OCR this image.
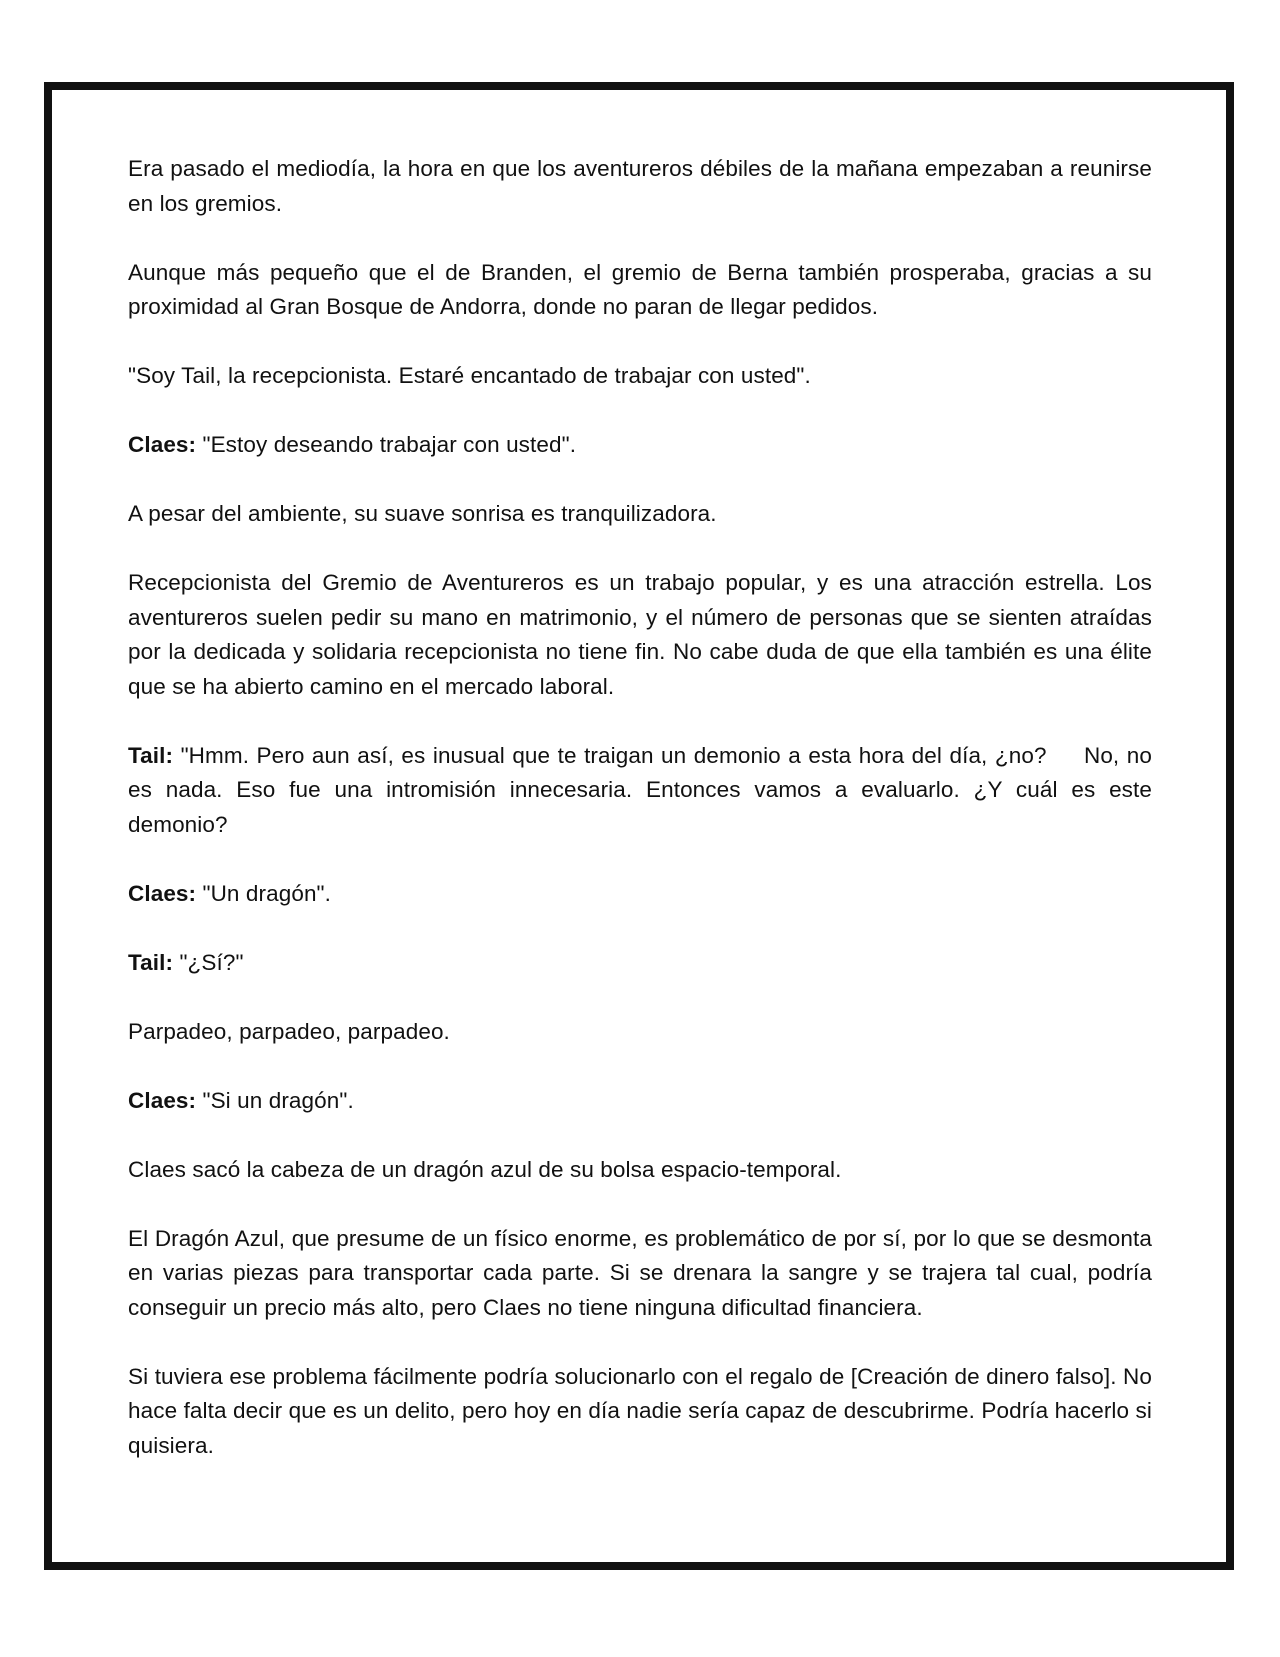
Era pasado el mediodía, la hora en que los aventureros débiles de la mañana empezaban a reunirse en los gremios.

Aunque más pequeño que el de Branden, el gremio de Berna también prosperaba, gracias a su proximidad al Gran Bosque de Andorra, donde no paran de llegar pedidos.

"Soy Tail, la recepcionista. Estaré encantado de trabajar con usted".

Claes: "Estoy deseando trabajar con usted".

A pesar del ambiente, su suave sonrisa es tranquilizadora.

Recepcionista del Gremio de Aventureros es un trabajo popular, y es una atracción estrella. Los aventureros suelen pedir su mano en matrimonio, y el número de personas que se sienten atraídas por la dedicada y solidaria recepcionista no tiene fin. No cabe duda de que ella también es una élite que se ha abierto camino en el mercado laboral.

Tail: "Hmm. Pero aun así, es inusual que te traigan un demonio a esta hora del día, ¿no?     No, no es nada. Eso fue una intromisión innecesaria. Entonces vamos a evaluarlo. ¿Y cuál es este demonio?

Claes: "Un dragón".

Tail: "¿Sí?"

Parpadeo, parpadeo, parpadeo.

Claes: "Si un dragón".

Claes sacó la cabeza de un dragón azul de su bolsa espacio-temporal.

El Dragón Azul, que presume de un físico enorme, es problemático de por sí, por lo que se desmonta en varias piezas para transportar cada parte. Si se drenara la sangre y se trajera tal cual, podría conseguir un precio más alto, pero Claes no tiene ninguna dificultad financiera.

Si tuviera ese problema fácilmente podría solucionarlo con el regalo de [Creación de dinero falso]. No hace falta decir que es un delito, pero hoy en día nadie sería capaz de descubrirme. Podría hacerlo si quisiera.
